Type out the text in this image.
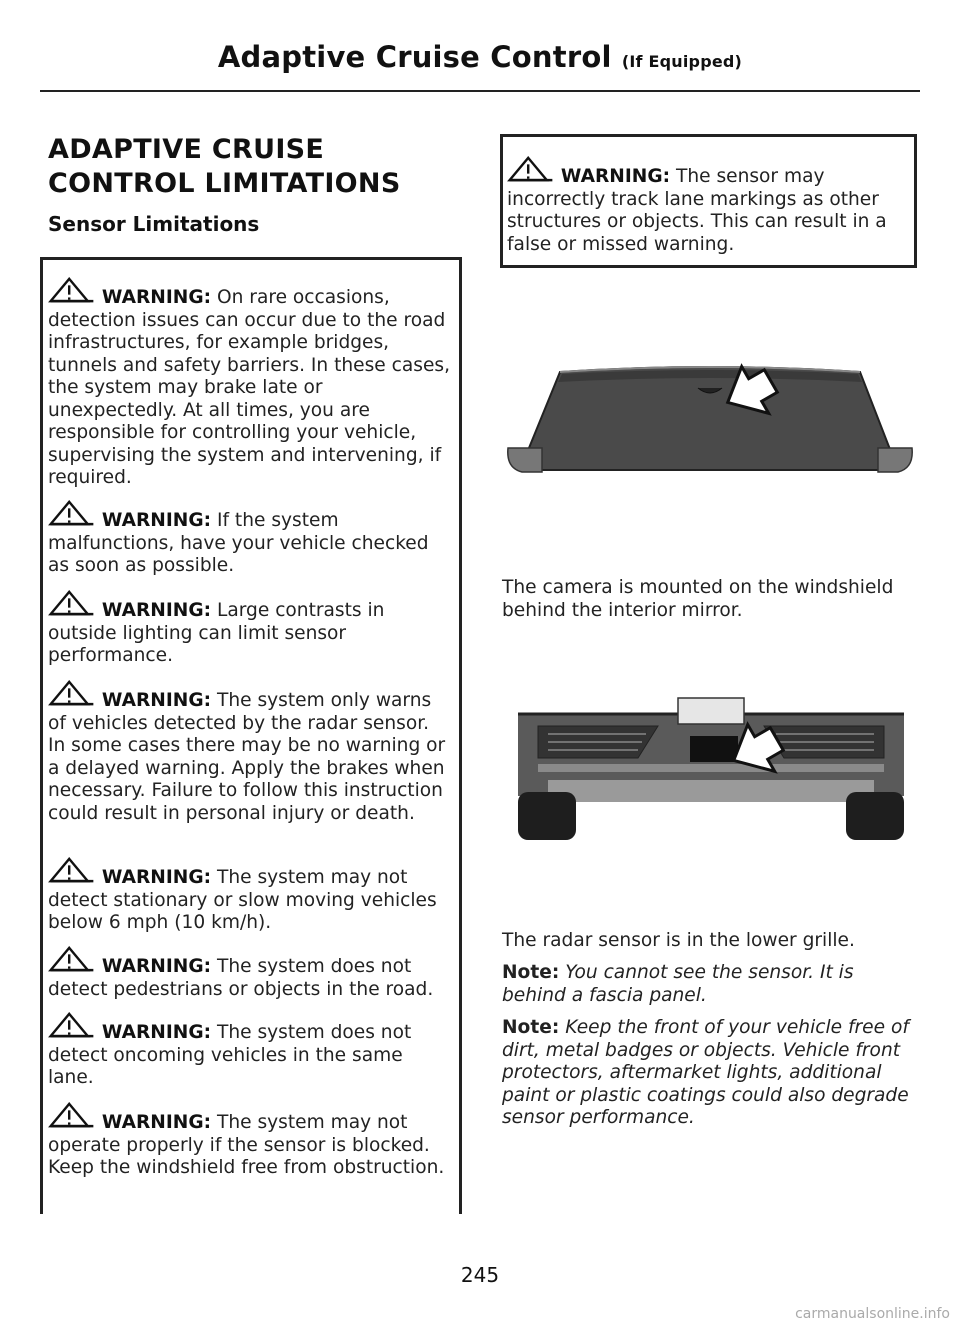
Adaptive Cruise Control (If Equipped)
ADAPTIVE CRUISE CONTROL LIMITATIONS
Sensor Limitations
WARNING: On rare occasions, detection issues can occur due to the road infrastructures, for example bridges, tunnels and safety barriers. In these cases, the system may brake late or unexpectedly. At all times, you are responsible for controlling your vehicle, supervising the system and intervening, if required.
WARNING: If the system malfunctions, have your vehicle checked as soon as possible.
WARNING: Large contrasts in outside lighting can limit sensor performance.
WARNING: The system only warns of vehicles detected by the radar sensor. In some cases there may be no warning or a delayed warning. Apply the brakes when necessary. Failure to follow this instruction could result in personal injury or death.
WARNING: The system may not detect stationary or slow moving vehicles below 6 mph (10 km/h).
WARNING: The system does not detect pedestrians or objects in the road.
WARNING: The system does not detect oncoming vehicles in the same lane.
WARNING: The system may not operate properly if the sensor is blocked. Keep the windshield free from obstruction.
WARNING: The sensor may incorrectly track lane markings as other structures or objects. This can result in a false or missed warning.
The camera is mounted on the windshield behind the interior mirror.
The radar sensor is in the lower grille.
Note: You cannot see the sensor. It is behind a fascia panel.
Note: Keep the front of your vehicle free of dirt, metal badges or objects. Vehicle front protectors, aftermarket lights, additional paint or plastic coatings could also degrade sensor performance.
245
carmanualsonline.info
